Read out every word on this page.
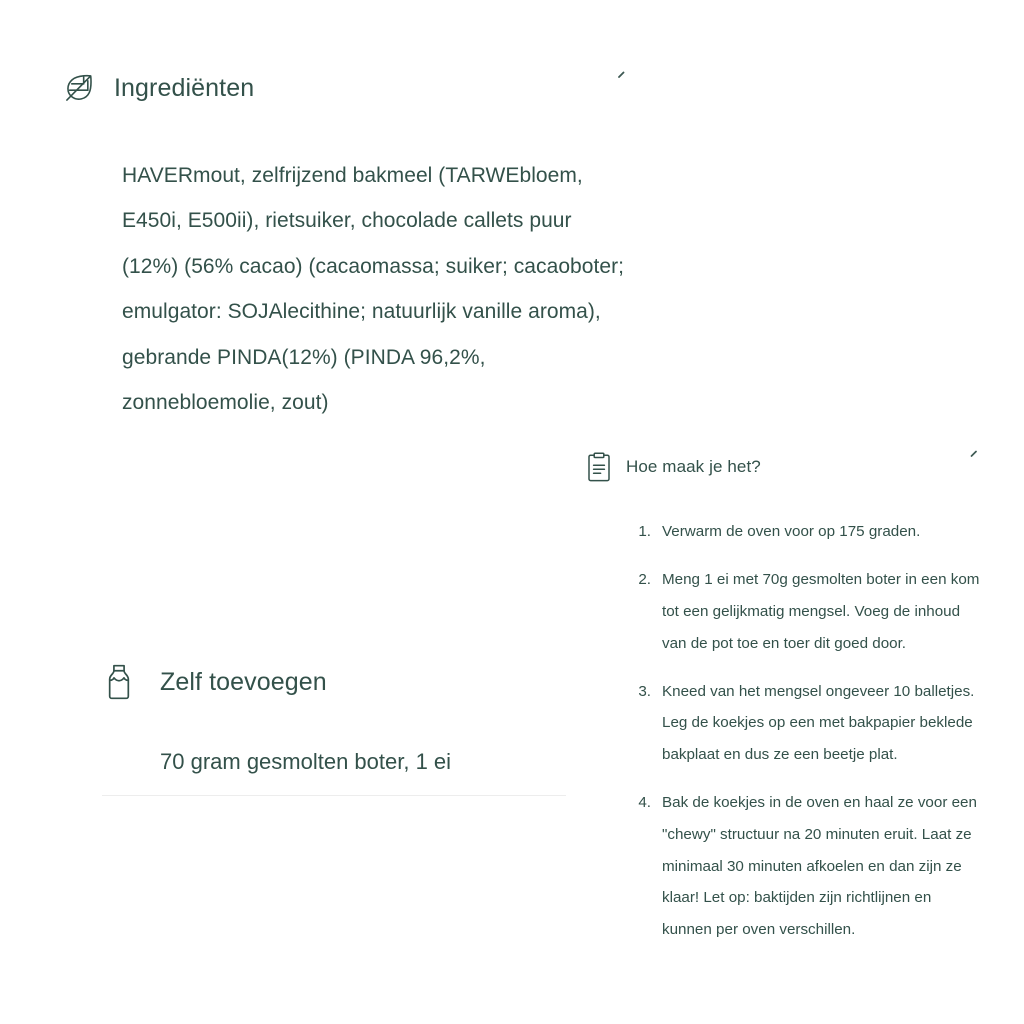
Ingrediënten

HAVERmout, zelfrijzend bakmeel (TARWEbloem, E450i, E500ii), rietsuiker, chocolade callets puur (12%) (56% cacao) (cacaomassa; suiker; cacaoboter; emulgator: SOJAlecithine; natuurlijk vanille aroma), gebrande PINDA(12%) (PINDA 96,2%, zonnebloemolie, zout)

Zelf toevoegen

70 gram gesmolten boter, 1 ei

Hoe maak je het?
1. Verwarm de oven voor op 175 graden.
2. Meng 1 ei met 70g gesmolten boter in een kom tot een gelijkmatig mengsel. Voeg de inhoud van de pot toe en toer dit goed door.
3. Kneed van het mengsel ongeveer 10 balletjes. Leg de koekjes op een met bakpapier beklede bakplaat en dus ze een beetje plat.
4. Bak de koekjes in de oven en haal ze voor een "chewy" structuur na 20 minuten eruit. Laat ze minimaal 30 minuten afkoelen en dan zijn ze klaar! Let op: baktijden zijn richtlijnen en kunnen per oven verschillen.
